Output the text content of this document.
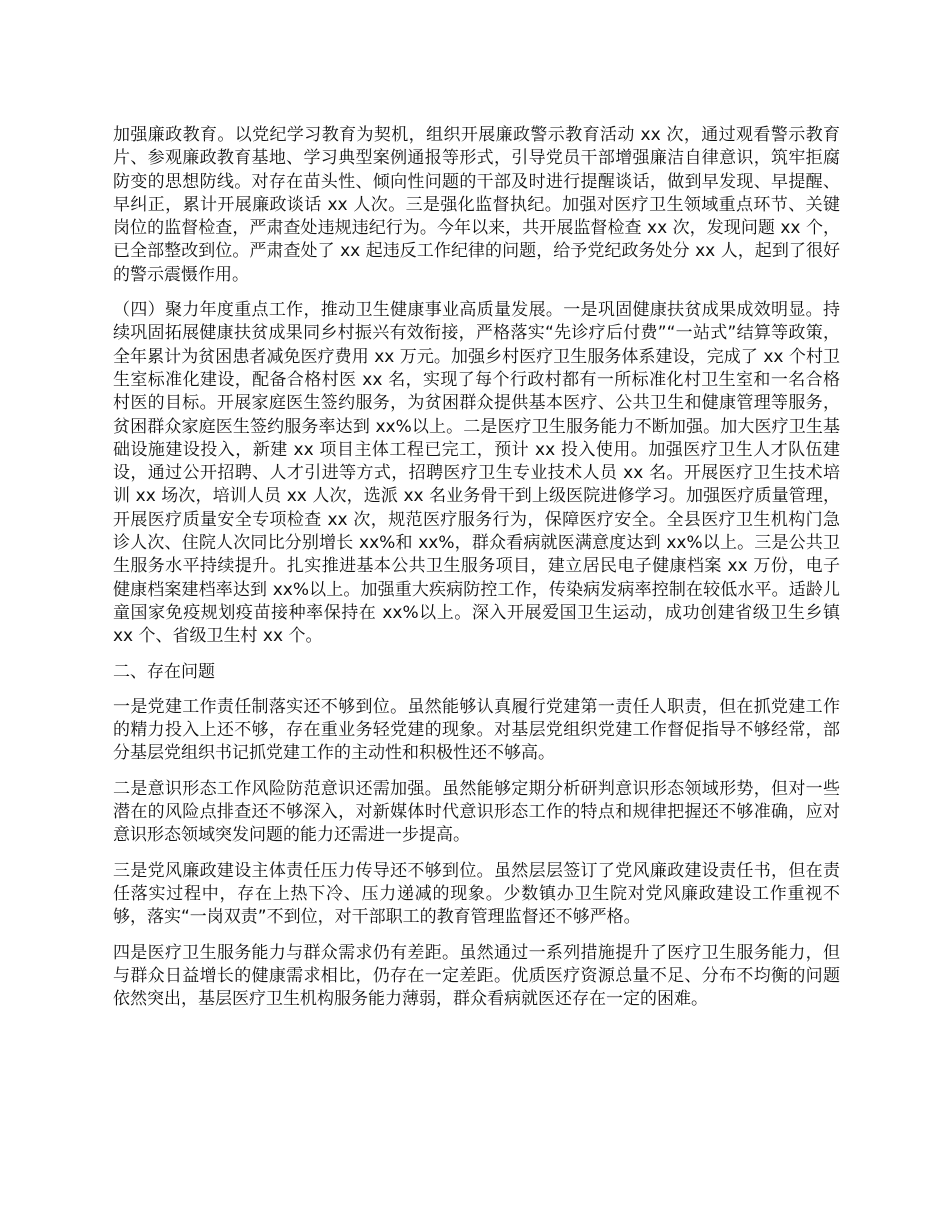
加强廉政教育。以党纪学习教育为契机，组织开展廉政警示教育活动 xx 次，通过观看警示教育片、参观廉政教育基地、学习典型案例通报等形式，引导党员干部增强廉洁自律意识，筑牢拒腐防变的思想防线。对存在苗头性、倾向性问题的干部及时进行提醒谈话，做到早发现、早提醒、早纠正，累计开展廉政谈话 xx 人次。三是强化监督执纪。加强对医疗卫生领域重点环节、关键岗位的监督检查，严肃查处违规违纪行为。今年以来，共开展监督检查 xx 次，发现问题 xx 个，已全部整改到位。严肃查处了 xx 起违反工作纪律的问题，给予党纪政务处分 xx 人，起到了很好的警示震慑作用。

（四）聚力年度重点工作，推动卫生健康事业高质量发展。一是巩固健康扶贫成果成效明显。持续巩固拓展健康扶贫成果同乡村振兴有效衔接，严格落实“先诊疗后付费”“一站式”结算等政策，全年累计为贫困患者减免医疗费用 xx 万元。加强乡村医疗卫生服务体系建设，完成了 xx 个村卫生室标准化建设，配备合格村医 xx 名，实现了每个行政村都有一所标准化村卫生室和一名合格村医的目标。开展家庭医生签约服务，为贫困群众提供基本医疗、公共卫生和健康管理等服务，贫困群众家庭医生签约服务率达到 xx%以上。二是医疗卫生服务能力不断加强。加大医疗卫生基础设施建设投入，新建 xx 项目主体工程已完工，预计 xx 投入使用。加强医疗卫生人才队伍建设，通过公开招聘、人才引进等方式，招聘医疗卫生专业技术人员 xx 名。开展医疗卫生技术培训 xx 场次，培训人员 xx 人次，选派 xx 名业务骨干到上级医院进修学习。加强医疗质量管理，开展医疗质量安全专项检查 xx 次，规范医疗服务行为，保障医疗安全。全县医疗卫生机构门急诊人次、住院人次同比分别增长 xx%和 xx%，群众看病就医满意度达到 xx%以上。三是公共卫生服务水平持续提升。扎实推进基本公共卫生服务项目，建立居民电子健康档案 xx 万份，电子健康档案建档率达到 xx%以上。加强重大疾病防控工作，传染病发病率控制在较低水平。适龄儿童国家免疫规划疫苗接种率保持在 xx%以上。深入开展爱国卫生运动，成功创建省级卫生乡镇 xx 个、省级卫生村 xx 个。

二、存在问题

一是党建工作责任制落实还不够到位。虽然能够认真履行党建第一责任人职责，但在抓党建工作的精力投入上还不够，存在重业务轻党建的现象。对基层党组织党建工作督促指导不够经常，部分基层党组织书记抓党建工作的主动性和积极性还不够高。

二是意识形态工作风险防范意识还需加强。虽然能够定期分析研判意识形态领域形势，但对一些潜在的风险点排查还不够深入，对新媒体时代意识形态工作的特点和规律把握还不够准确，应对意识形态领域突发问题的能力还需进一步提高。

三是党风廉政建设主体责任压力传导还不够到位。虽然层层签订了党风廉政建设责任书，但在责任落实过程中，存在上热下冷、压力递减的现象。少数镇办卫生院对党风廉政建设工作重视不够，落实“一岗双责”不到位，对干部职工的教育管理监督还不够严格。

四是医疗卫生服务能力与群众需求仍有差距。虽然通过一系列措施提升了医疗卫生服务能力，但与群众日益增长的健康需求相比，仍存在一定差距。优质医疗资源总量不足、分布不均衡的问题依然突出，基层医疗卫生机构服务能力薄弱，群众看病就医还存在一定的困难。
